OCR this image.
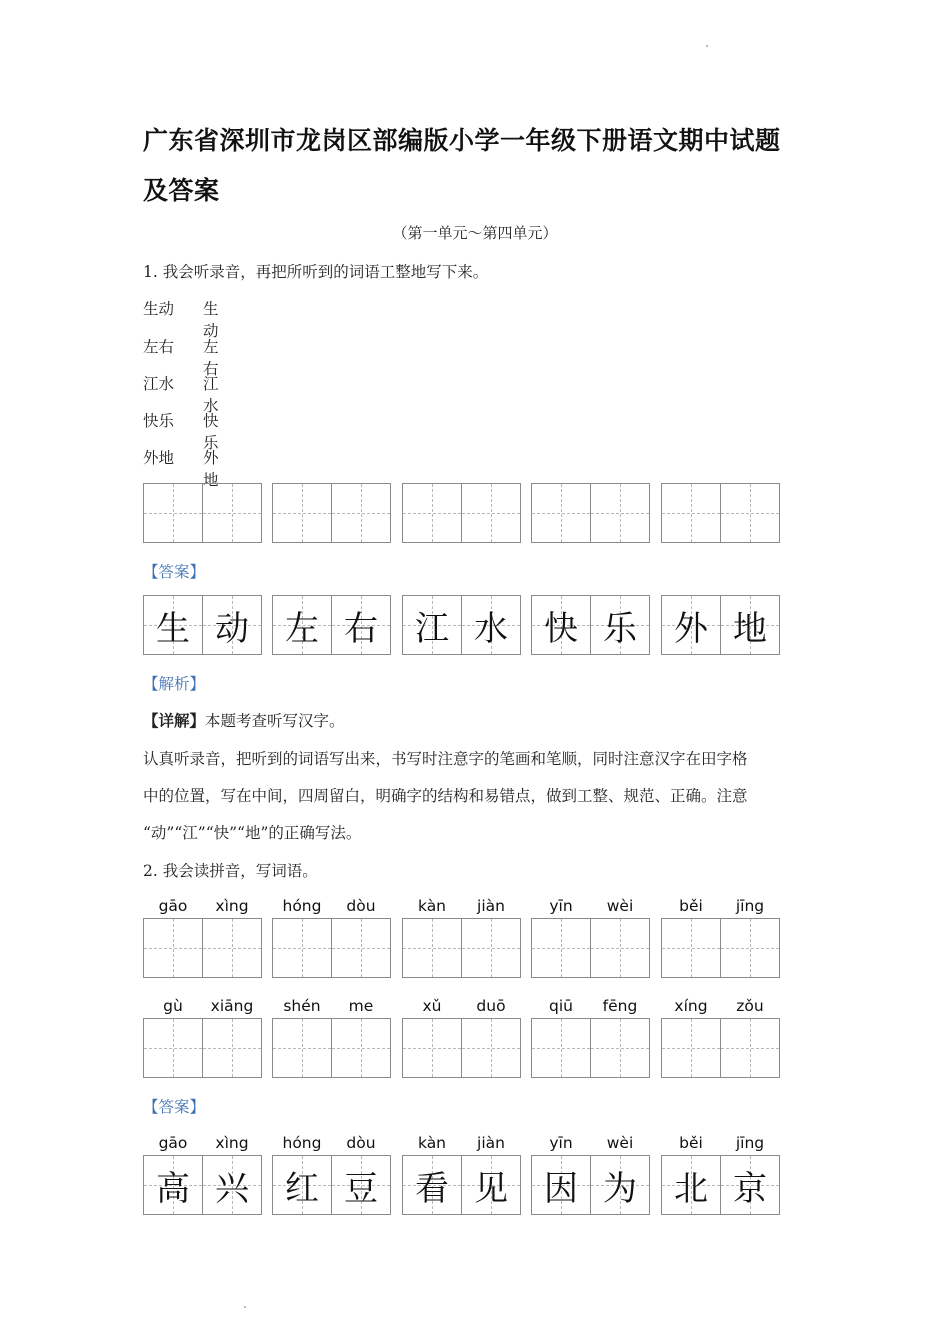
广东省深圳市龙岗区部编版小学一年级下册语文期中试题
及答案
（第一单元～第四单元）
1. 我会听录音，再把所听到的词语工整地写下来。
生动 生动
左右 左右
江水 江水
快乐 快乐
外地 外地
【答案】
生 动	左 右	江 水	快 乐	外 地
【解析】
【详解】本题考查听写汉字。
认真听录音，把听到的词语写出来，书写时注意字的笔画和笔顺，同时注意汉字在田字格
中的位置，写在中间，四周留白，明确字的结构和易错点，做到工整、规范、正确。注意
“动”“江”“快”“地”的正确写法。
2. 我会读拼音，写词语。
gāo	xìng	hóng	dòu	kàn	jiàn	yīn	wèi	běi	jīng
gù	xiāng	shén	me	xǔ	duō	qiū	fēng	xíng	zǒu
【答案】
gāo	xìng	hóng	dòu	kàn	jiàn	yīn	wèi	běi	jīng
高 兴	红 豆	看 见	因 为	北 京
